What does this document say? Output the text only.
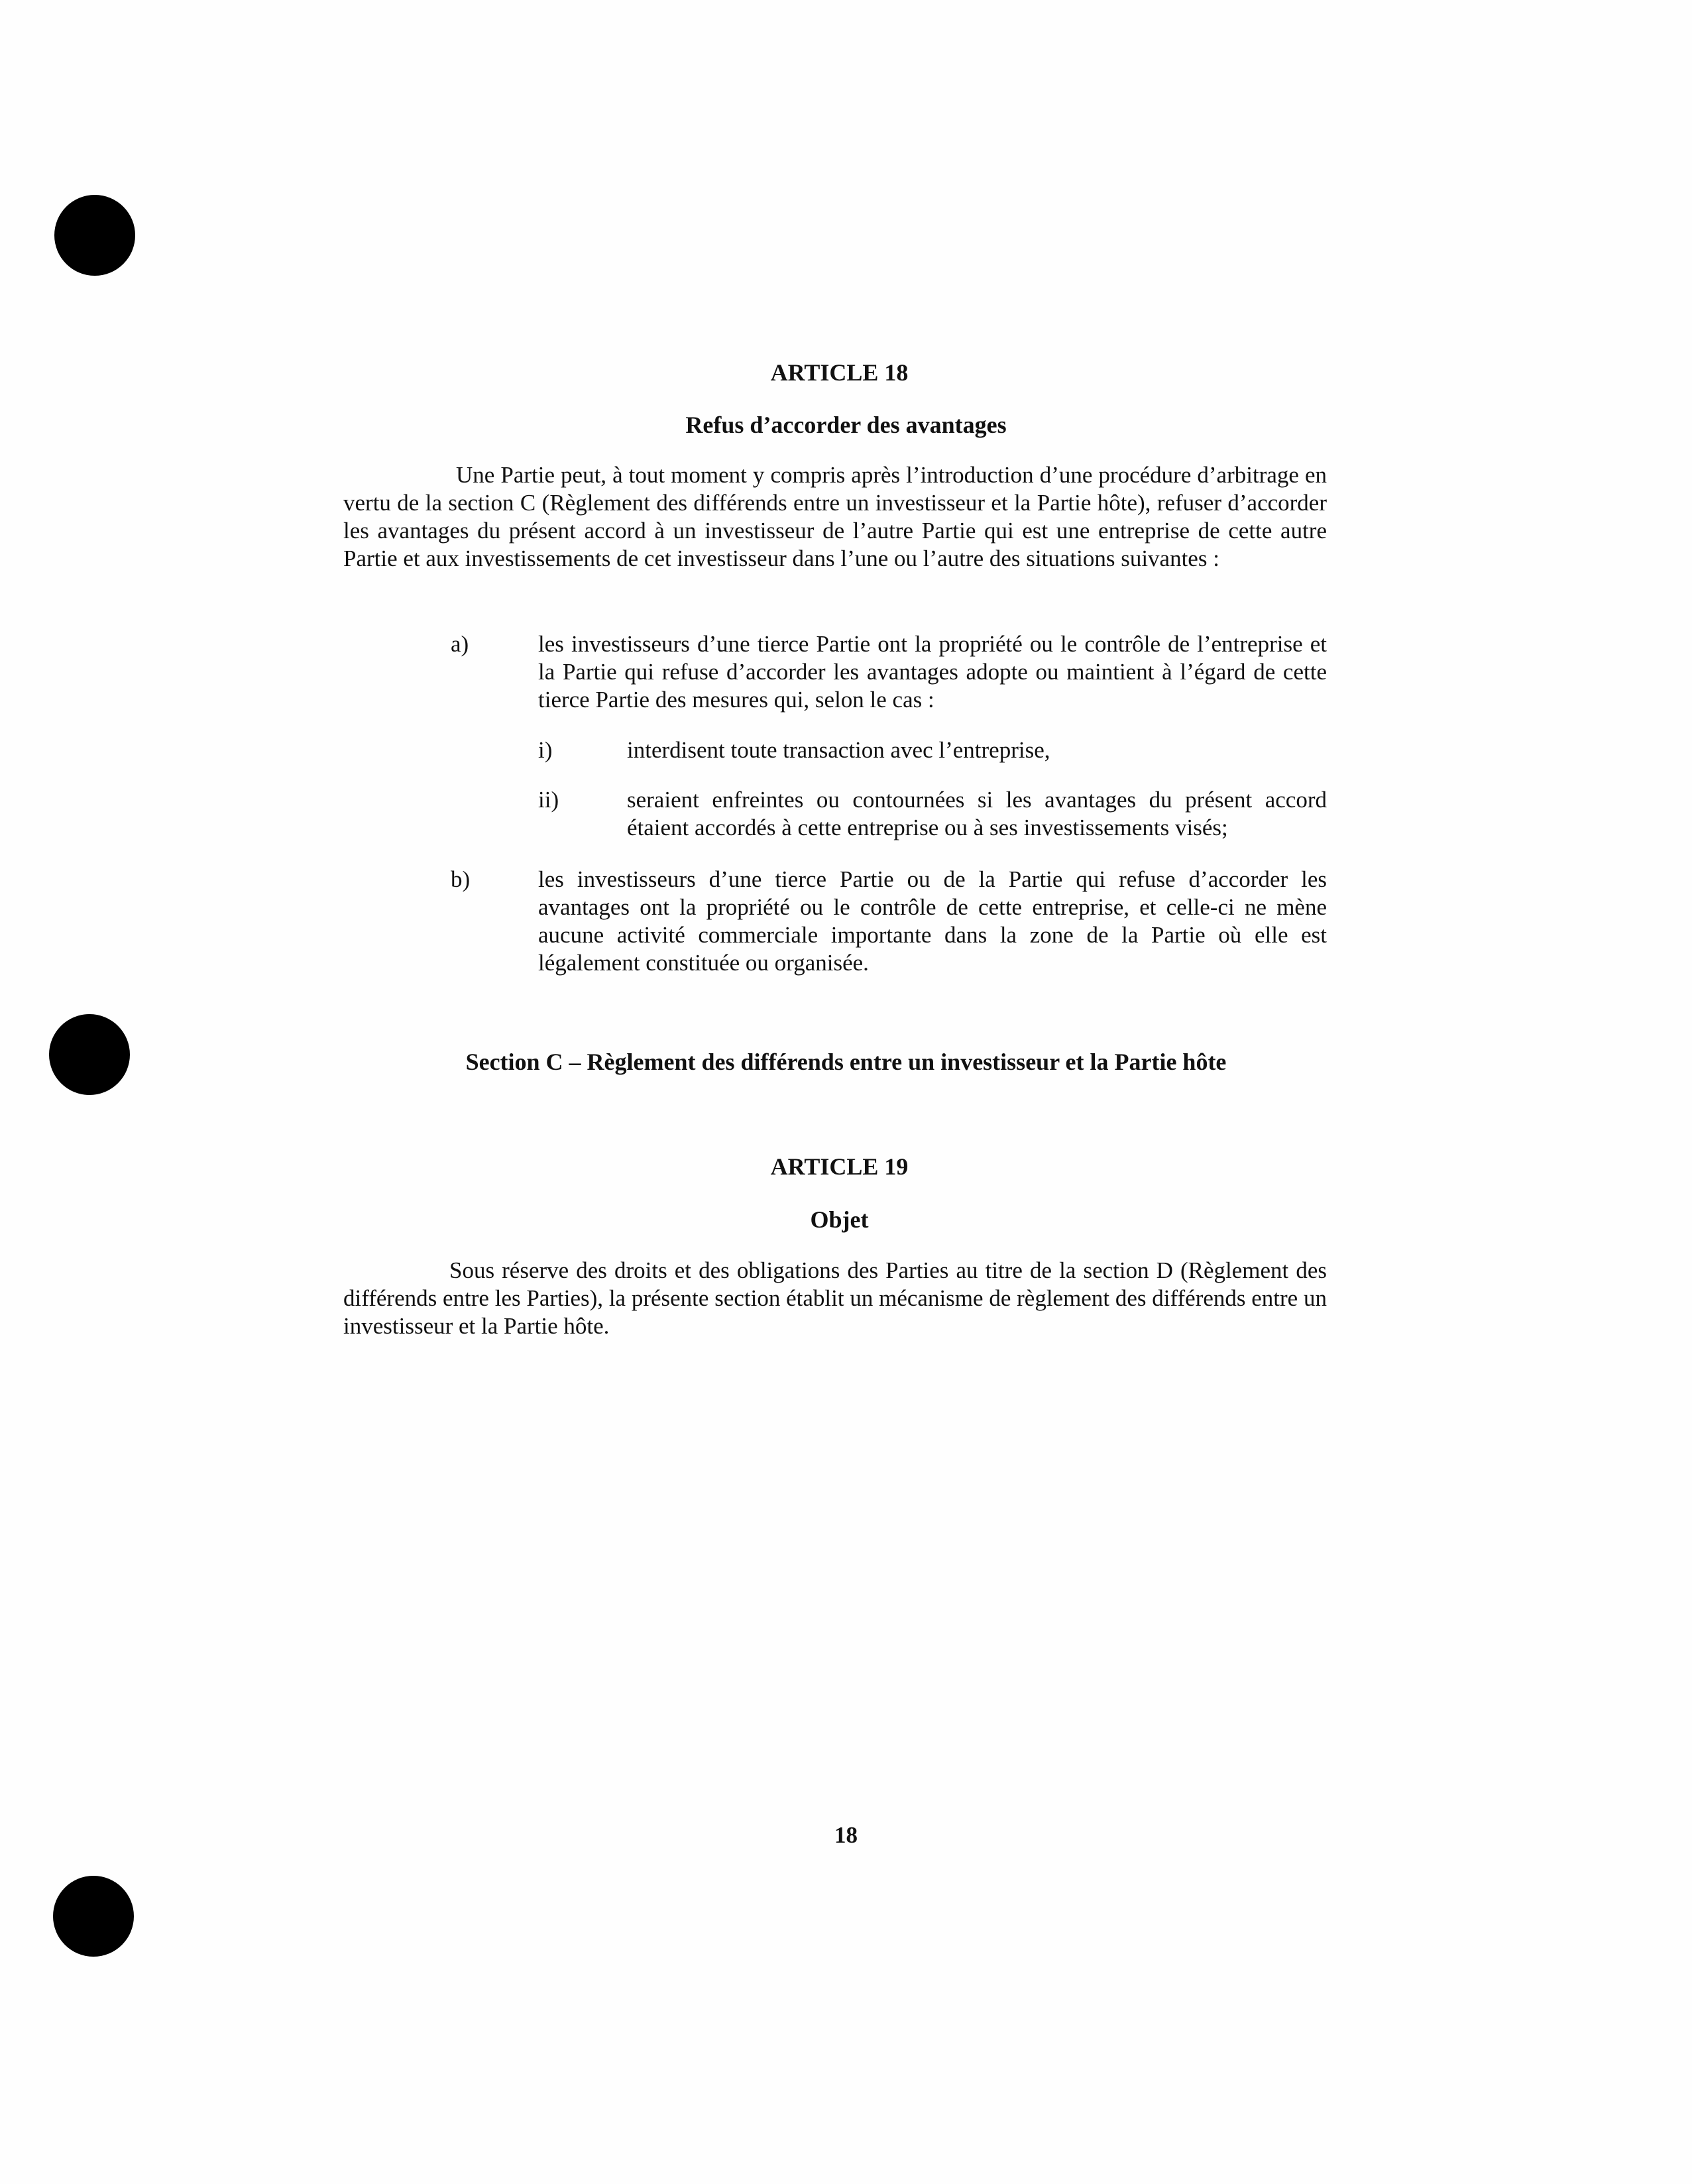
ARTICLE 18
Refus d’accorder des avantages
Une Partie peut, à tout moment y compris après l’introduction d’une procédure d’arbitrage en vertu de la section C (Règlement des différends entre un investisseur et la Partie hôte), refuser d’accorder les avantages du présent accord à un investisseur de l’autre Partie qui est une entreprise de cette autre Partie et aux investissements de cet investisseur dans l’une ou l’autre des situations suivantes :
a)	les investisseurs d’une tierce Partie ont la propriété ou le contrôle de l’entreprise et la Partie qui refuse d’accorder les avantages adopte ou maintient à l’égard de cette tierce Partie des mesures qui, selon le cas :
i)	interdisent toute transaction avec l’entreprise,
ii)	seraient enfreintes ou contournées si les avantages du présent accord étaient accordés à cette entreprise ou à ses investissements visés;
b)	les investisseurs d’une tierce Partie ou de la Partie qui refuse d’accorder les avantages ont la propriété ou le contrôle de cette entreprise, et celle-ci ne mène aucune activité commerciale importante dans la zone de la Partie où elle est légalement constituée ou organisée.
Section C – Règlement des différends entre un investisseur et la Partie hôte
ARTICLE 19
Objet
Sous réserve des droits et des obligations des Parties au titre de la section D (Règlement des différends entre les Parties), la présente section établit un mécanisme de règlement des différends entre un investisseur et la Partie hôte.
18
